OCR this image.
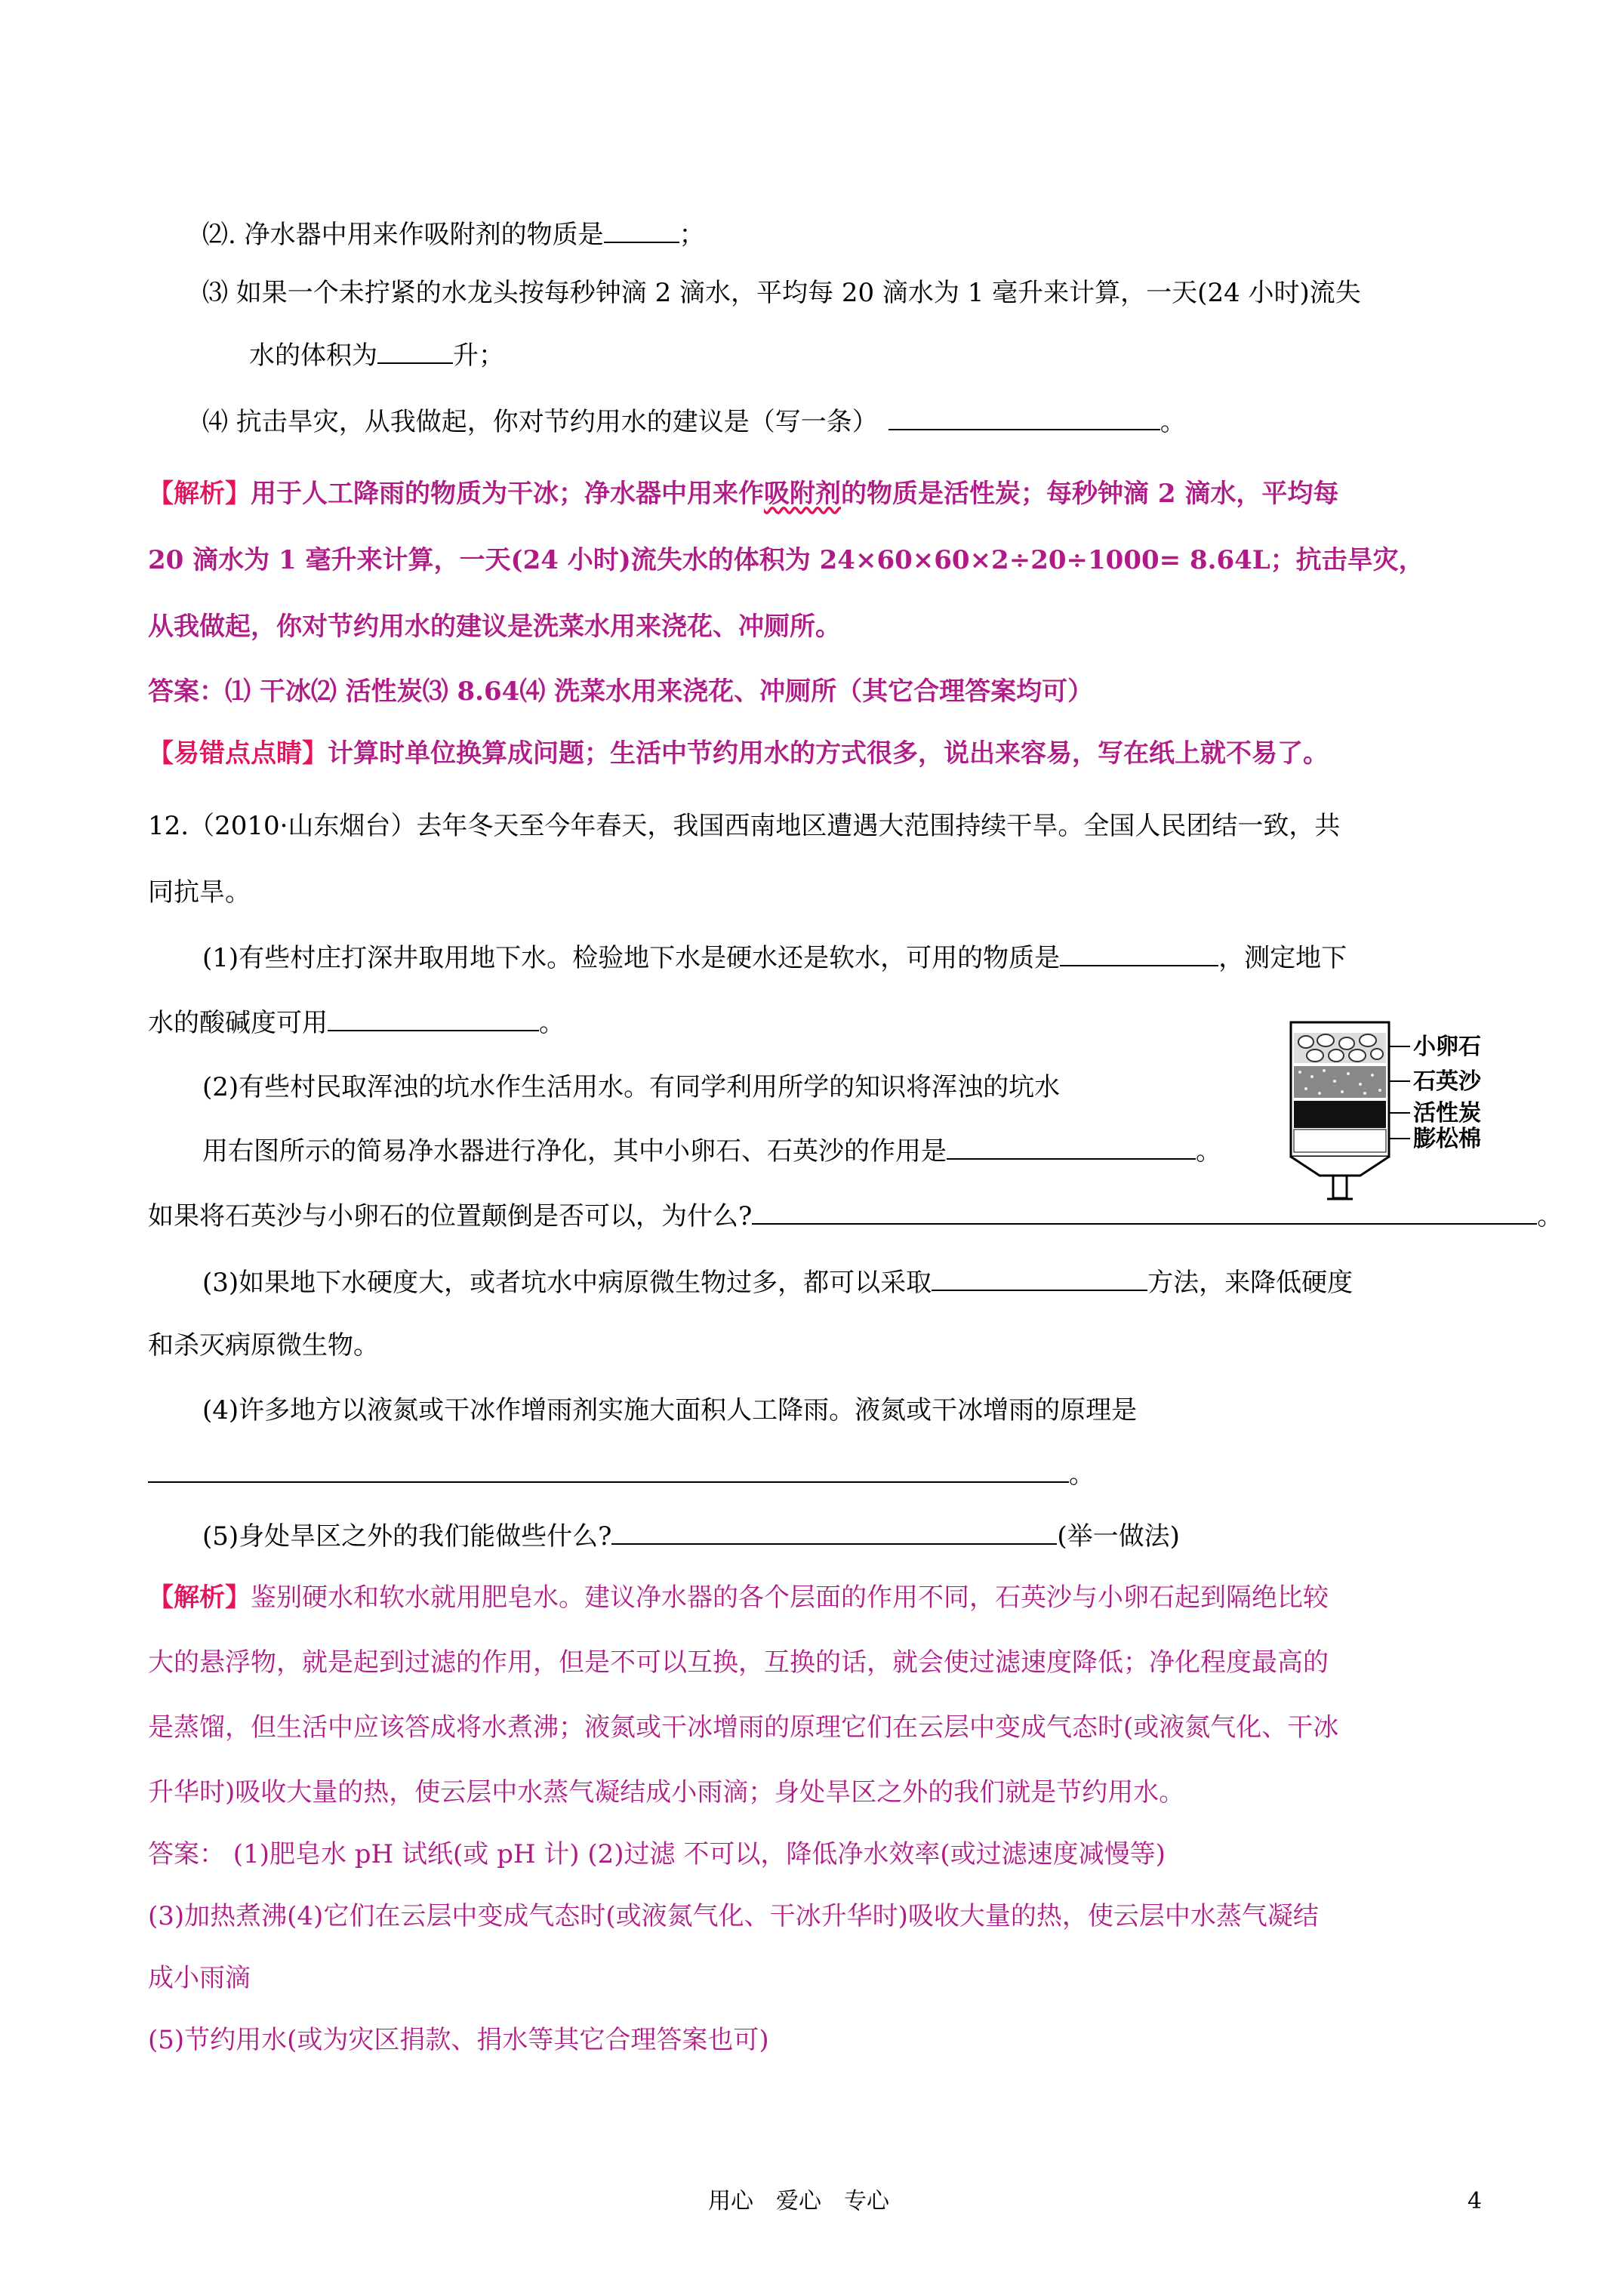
⑵. 净水器中用来作吸附剂的物质是	；
⑶ 如果一个未拧紧的水龙头按每秒钟滴 2 滴水，平均每 20 滴水为 1 毫升来计算，一天(24 小时)流失
水的体积为	升；
⑷ 抗击旱灾，从我做起，你对节约用水的建议是（写一条）	。
【解析】用于人工降雨的物质为干冰；净水器中用来作吸附剂的物质是活性炭；每秒钟滴 2 滴水，平均每
20 滴水为 1 毫升来计算，一天(24 小时)流失水的体积为 24×60×60×2÷20÷1000= 8.64L；抗击旱灾，
从我做起，你对节约用水的建议是洗菜水用来浇花、冲厕所。
答案：⑴ 干冰⑵ 活性炭⑶ 8.64⑷ 洗菜水用来浇花、冲厕所（其它合理答案均可）
【易错点点睛】计算时单位换算成问题；生活中节约用水的方式很多，说出来容易，写在纸上就不易了。
12.（2010·山东烟台）去年冬天至今年春天，我国西南地区遭遇大范围持续干旱。全国人民团结一致，共
同抗旱。
(1)有些村庄打深井取用地下水。检验地下水是硬水还是软水，可用的物质是	，测定地下
水的酸碱度可用	。
(2)有些村民取浑浊的坑水作生活用水。有同学利用所学的知识将浑浊的坑水
用右图所示的简易净水器进行净化，其中小卵石、石英沙的作用是	。
如果将石英沙与小卵石的位置颠倒是否可以，为什么?	。
(3)如果地下水硬度大，或者坑水中病原微生物过多，都可以采取	方法，来降低硬度
和杀灭病原微生物。
(4)许多地方以液氮或干冰作增雨剂实施大面积人工降雨。液氮或干冰增雨的原理是
。
(5)身处旱区之外的我们能做些什么?	(举一做法)
小卵石
石英沙
活性炭
膨松棉
【解析】鉴别硬水和软水就用肥皂水。建议净水器的各个层面的作用不同，石英沙与小卵石起到隔绝比较
大的悬浮物，就是起到过滤的作用，但是不可以互换，互换的话，就会使过滤速度降低；净化程度最高的
是蒸馏，但生活中应该答成将水煮沸；液氮或干冰增雨的原理它们在云层中变成气态时(或液氮气化、干冰
升华时)吸收大量的热，使云层中水蒸气凝结成小雨滴；身处旱区之外的我们就是节约用水。
答案： (1)肥皂水 pH 试纸(或 pH 计) (2)过滤 不可以，降低净水效率(或过滤速度减慢等)
(3)加热煮沸(4)它们在云层中变成气态时(或液氮气化、干冰升华时)吸收大量的热，使云层中水蒸气凝结
成小雨滴
(5)节约用水(或为灾区捐款、捐水等其它合理答案也可)
用心　爱心　专心	4
